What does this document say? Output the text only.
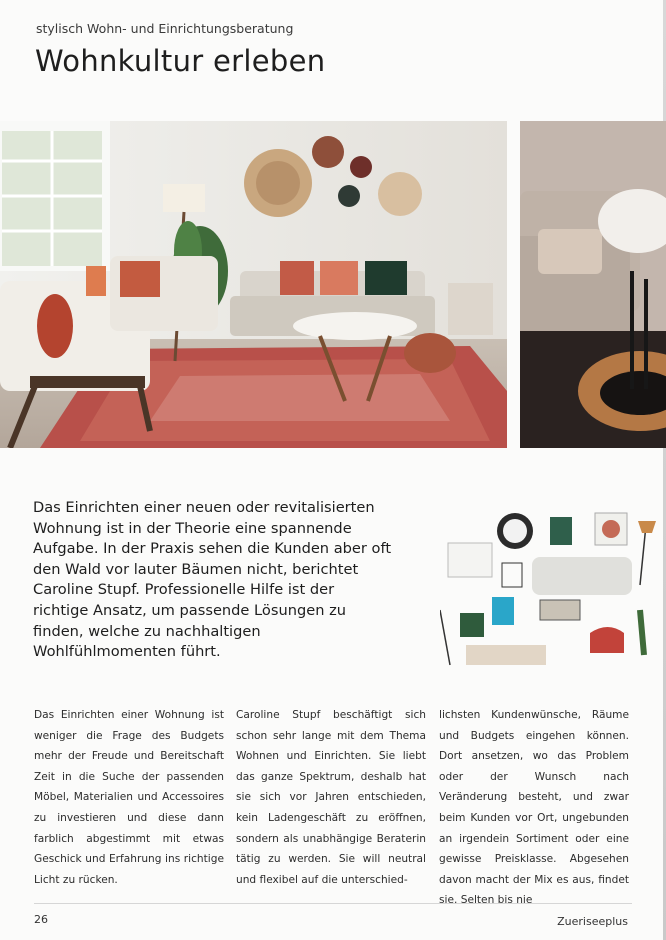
stylisch Wohn- und Einrichtungsberatung
Wohnkultur erleben

Das Einrichten einer neuen oder revitalisierten Wohnung ist in der Theorie eine spannende Aufgabe. In der Praxis sehen die Kunden aber oft den Wald vor lauter Bäumen nicht, berichtet Caroline Stupf. Professionelle Hilfe ist der richtige Ansatz, um passende Lösungen zu finden, welche zu nachhaltigen Wohlfühlmomenten führt.

Das Einrichten einer Wohnung ist weniger die Frage des Budgets mehr der Freude und Bereitschaft Zeit in die Suche der passenden Möbel, Materialien und Accessoires zu investieren und diese dann farblich abgestimmt mit etwas Geschick und Erfahrung ins richtige Licht zu rücken.
Caroline Stupf beschäftigt sich schon sehr lange mit dem Thema Wohnen und Einrichten. Sie liebt das ganze Spektrum, deshalb hat sie sich vor Jahren entschieden, kein Ladengeschäft zu eröffnen, sondern als unabhängige Beraterin tätig zu werden. Sie will neutral und flexibel auf die unterschied-
lichsten Kundenwünsche, Räume und Budgets eingehen können. Dort ansetzen, wo das Problem oder der Wunsch nach Veränderung besteht, und zwar beim Kunden vor Ort, ungebunden an irgendein Sortiment oder eine gewisse Preisklasse. Abgesehen davon macht der Mix es aus, findet sie. Selten bis nie
26	Zueriseeplus
